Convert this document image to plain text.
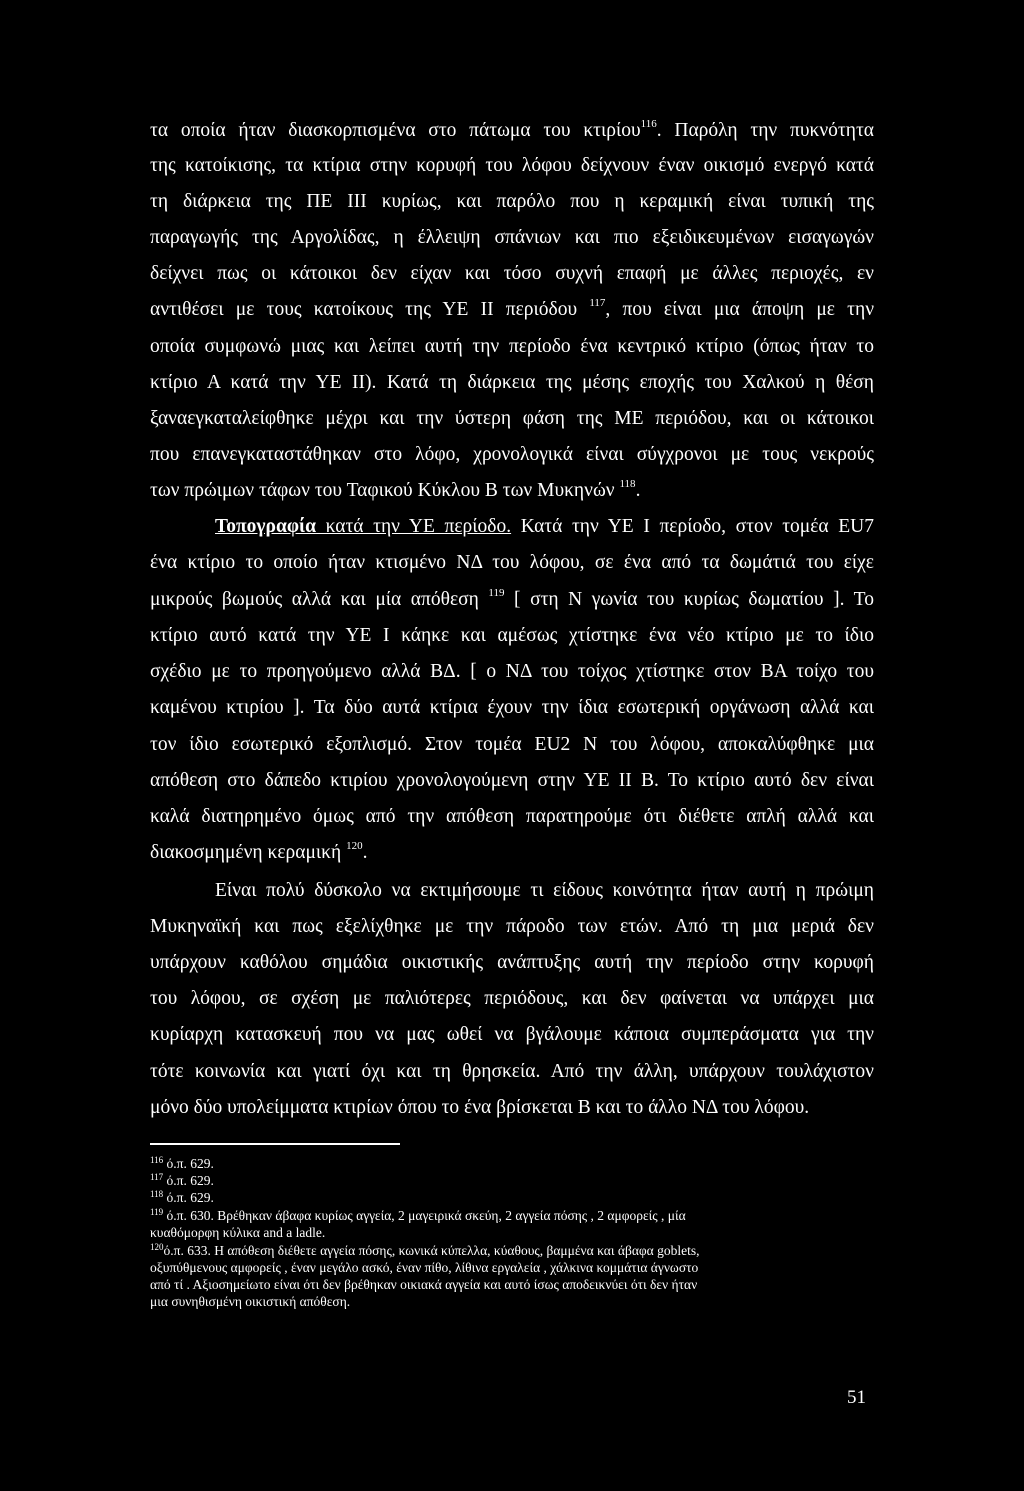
τα οποία ήταν διασκορπισμένα στο πάτωμα του κτιρίου$^{116}$. Παρόλη την πυκνότητα
της κατοίκισης, τα κτίρια στην κορυφή του λόφου δείχνουν έναν οικισμό ενεργό κατά
τη διάρκεια της ΠΕ ΙΙΙ κυρίως, και παρόλο που η κεραμική είναι τυπική της
παραγωγής της Αργολίδας, η έλλειψη σπάνιων και πιο εξειδικευμένων εισαγωγών
δείχνει πως οι κάτοικοι δεν είχαν και τόσο συχνή επαφή με άλλες περιοχές, εν
αντιθέσει με τους κατοίκους της ΥΕ ΙΙ περιόδου $^{117}$, που είναι μια άποψη με την
οποία συμφωνώ μιας και λείπει αυτή την περίοδο ένα κεντρικό κτίριο (όπως ήταν το
κτίριο Α κατά την ΥΕ ΙΙ). Κατά τη διάρκεια της μέσης εποχής του Χαλκού η θέση
ξαναεγκαταλείφθηκε μέχρι και την ύστερη φάση της ΜΕ περιόδου, και οι κάτοικοι
που επανεγκαταστάθηκαν στο λόφο, χρονολογικά είναι σύγχρονοι με τους νεκρούς
των πρώιμων τάφων του Ταφικού Κύκλου Β των Μυκηνών $^{118}$.
Τοπογραφία κατά την ΥΕ περίοδο. Κατά την ΥΕ Ι περίοδο, στον τομέα EU7
ένα κτίριο το οποίο ήταν κτισμένο ΝΔ του λόφου, σε ένα από τα δωμάτιά του είχε
μικρούς βωμούς αλλά και μία απόθεση $^{119}$ [ στη Ν γωνία του κυρίως δωματίου ]. Το
κτίριο αυτό κατά την ΥΕ Ι κάηκε και αμέσως χτίστηκε ένα νέο κτίριο με το ίδιο
σχέδιο με το προηγούμενο αλλά ΒΔ. [ ο ΝΔ του τοίχος χτίστηκε στον ΒΑ τοίχο του
καμένου κτιρίου ]. Τα δύο αυτά κτίρια έχουν την ίδια εσωτερική οργάνωση αλλά και
τον ίδιο εσωτερικό εξοπλισμό. Στον τομέα EU2 Ν του λόφου, αποκαλύφθηκε μια
απόθεση στο δάπεδο κτιρίου χρονολογούμενη στην ΥΕ ΙΙ Β. Το κτίριο αυτό δεν είναι
καλά διατηρημένο όμως από την απόθεση παρατηρούμε ότι διέθετε απλή αλλά και
διακοσμημένη κεραμική $^{120}$.
Είναι πολύ δύσκολο να εκτιμήσουμε τι είδους κοινότητα ήταν αυτή η πρώιμη
Μυκηναϊκή και πως εξελίχθηκε με την πάροδο των ετών. Από τη μια μεριά δεν
υπάρχουν καθόλου σημάδια οικιστικής ανάπτυξης αυτή την περίοδο στην κορυφή
του λόφου, σε σχέση με παλιότερες περιόδους, και δεν φαίνεται να υπάρχει μια
κυρίαρχη κατασκευή που να μας ωθεί να βγάλουμε κάποια συμπεράσματα για την
τότε κοινωνία και γιατί όχι και τη θρησκεία. Από την άλλη, υπάρχουν τουλάχιστον
μόνο δύο υπολείμματα κτιρίων όπου το ένα βρίσκεται Β και το άλλο ΝΔ του λόφου.
$^{116}$ ό.π. 629.
$^{117}$ ό.π. 629.
$^{118}$ ό.π. 629.
$^{119}$ ό.π. 630. Βρέθηκαν άβαφα κυρίως αγγεία, 2 μαγειρικά σκεύη, 2 αγγεία πόσης , 2 αμφορείς , μία
κυαθόμορφη κύλικα and a ladle.
$^{120}$ό.π. 633. Η απόθεση διέθετε αγγεία πόσης, κωνικά κύπελλα, κύαθους, βαμμένα και άβαφα goblets,
οξυπύθμενους αμφορείς , έναν μεγάλο ασκό, έναν πίθο, λίθινα εργαλεία , χάλκινα κομμάτια άγνωστο
από τί . Αξιοσημείωτο είναι ότι δεν βρέθηκαν οικιακά αγγεία και αυτό ίσως αποδεικνύει ότι δεν ήταν
μια συνηθισμένη οικιστική απόθεση.
51
